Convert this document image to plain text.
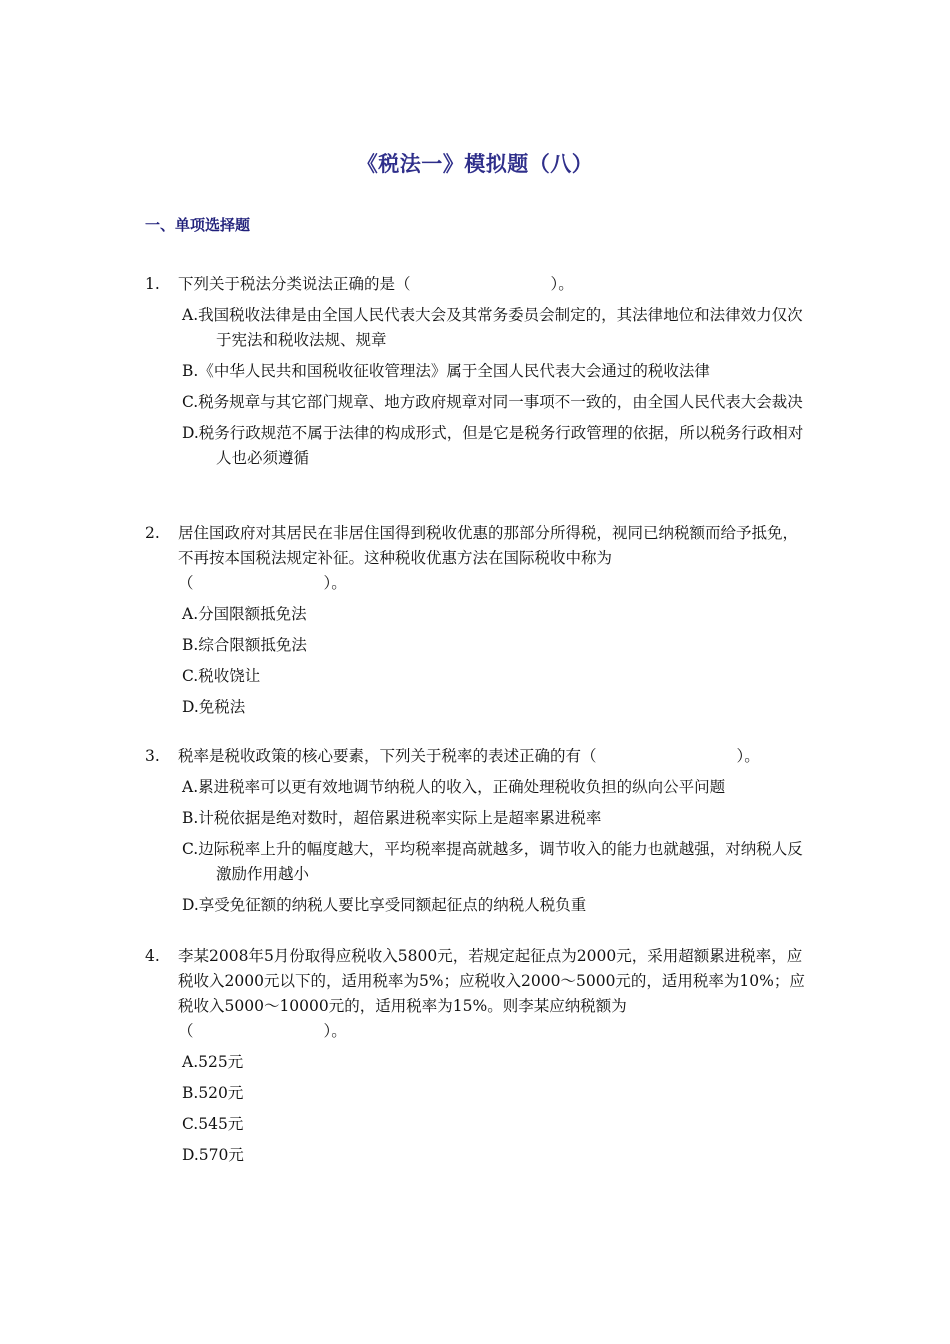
《税法一》模拟题（八）
一、单项选择题
1.	下列关于税法分类说法正确的是（	）。
A.我国税收法律是由全国人民代表大会及其常务委员会制定的，其法律地位和法律效力仅次于宪法和税收法规、规章
B.《中华人民共和国税收征收管理法》属于全国人民代表大会通过的税收法律
C.税务规章与其它部门规章、地方政府规章对同一事项不一致的，由全国人民代表大会裁决
D.税务行政规范不属于法律的构成形式，但是它是税务行政管理的依据，所以税务行政相对人也必须遵循
2.	居住国政府对其居民在非居住国得到税收优惠的那部分所得税，视同已纳税额而给予抵免，不再按本国税法规定补征。这种税收优惠方法在国际税收中称为
（	）。
A.分国限额抵免法
B.综合限额抵免法
C.税收饶让
D.免税法
3.	税率是税收政策的核心要素，下列关于税率的表述正确的有（	）。
A.累进税率可以更有效地调节纳税人的收入，正确处理税收负担的纵向公平问题
B.计税依据是绝对数时，超倍累进税率实际上是超率累进税率
C.边际税率上升的幅度越大，平均税率提高就越多，调节收入的能力也就越强，对纳税人反激励作用越小
D.享受免征额的纳税人要比享受同额起征点的纳税人税负重
4.	李某2008年5月份取得应税收入5800元，若规定起征点为2000元，采用超额累进税率，应税收入2000元以下的，适用税率为5%；应税收入2000～5000元的，适用税率为10%；应税收入5000～10000元的，适用税率为15%。则李某应纳税额为
（	）。
A.525元
B.520元
C.545元
D.570元
